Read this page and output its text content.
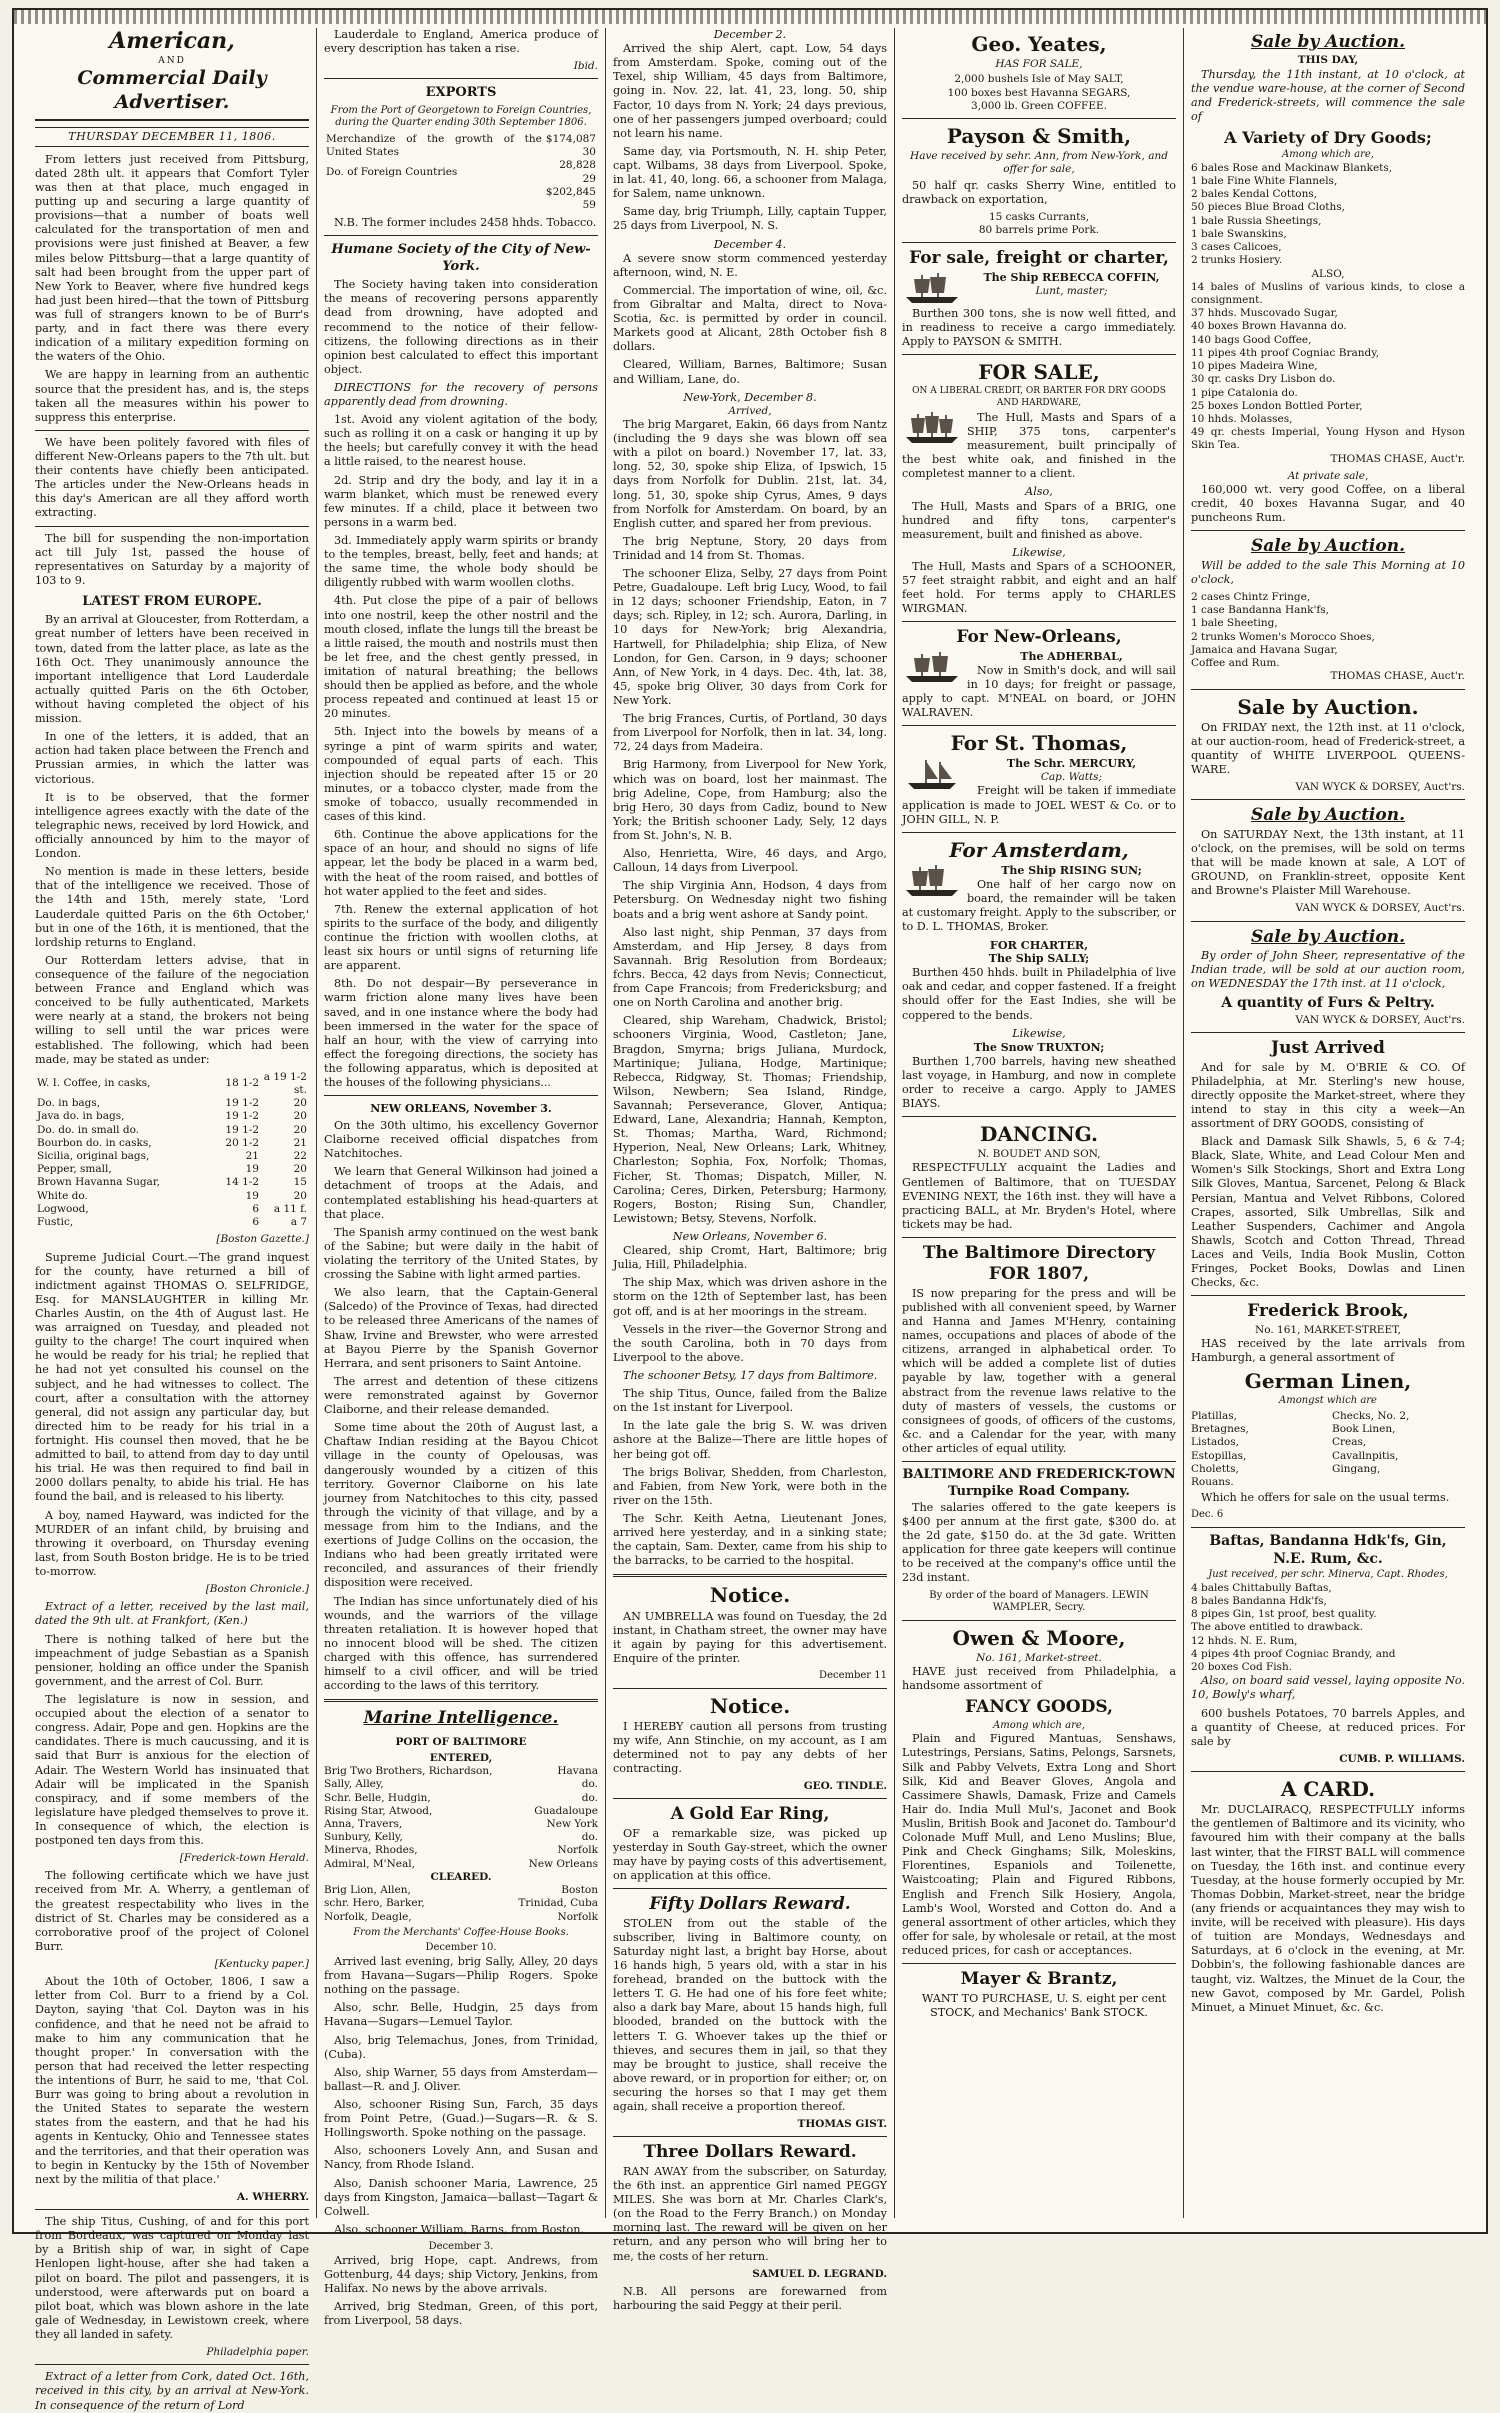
American,
AND
Commercial Daily Advertiser.
THURSDAY DECEMBER 11, 1806.

From letters just received from Pittsburg, dated 28th ult. it appears that Comfort Tyler was then at that place, much engaged in putting up and securing a large quantity of provisions—that a number of boats well calculated for the transportation of men and provisions were just finished at Beaver, a few miles below Pittsburg—that a large quantity of salt had been brought from the upper part of New York to Beaver, where five hundred kegs had just been hired—that the town of Pittsburg was full of strangers known to be of Burr's party, and in fact there was there every indication of a military expedition forming on the waters of the Ohio.

We are happy in learning from an authentic source that the president has, and is, the steps taken all the measures within his power to suppress this enterprise.

We have been politely favored with files of different New-Orleans papers to the 7th ult. but their contents have chiefly been anticipated. The articles under the New-Orleans heads in this day's American are all they afford worth extracting.

The bill for suspending the non-importation act till July 1st, passed the house of representatives on Saturday by a majority of 103 to 9.

LATEST FROM EUROPE.

By an arrival at Gloucester, from Rotterdam, a great number of letters have been received in town, dated from the latter place, as late as the 16th Oct. They unanimously announce the important intelligence that Lord Lauderdale actually quitted Paris on the 6th October, without having completed the object of his mission.

In one of the letters, it is added, that an action had taken place between the French and Prussian armies, in which the latter was victorious.

It is to be observed, that the former intelligence agrees exactly with the date of the telegraphic news, received by lord Howick, and officially announced by him to the mayor of London.

No mention is made in these letters, beside that of the intelligence we received. Those of the 14th and 15th, merely state, 'Lord Lauderdale quitted Paris on the 6th October,' but in one of the 16th, it is mentioned, that the lordship returns to England.

Our Rotterdam letters advise, that in consequence of the failure of the negociation between France and England which was conceived to be fully authenticated, Markets were nearly at a stand, the brokers not being willing to sell until the war prices were established. The following, which had been made, may be stated as under:

W. I. Coffee, in casks,	18 1-2	a 19 1-2 st.
Do. in bags,	19 1-2	20
Java do. in bags,	19 1-2	20
Do. do. in small do.	19 1-2	20
Bourbon do. in casks,	20 1-2	21
Sicilia, original bags,	21	22
Pepper, small,	19	20
Brown Havanna Sugar,	14 1-2	15
White do.	19	20
Logwood,	6	a 11 f.
Fustic,	6	a 7
[Boston Gazette.]

Supreme Judicial Court.—The grand inquest for the county, have returned a bill of indictment against THOMAS O. SELFRIDGE, Esq. for MANSLAUGHTER in killing Mr. Charles Austin, on the 4th of August last. He was arraigned on Tuesday, and pleaded not guilty to the charge! The court inquired when he would be ready for his trial; he replied that he had not yet consulted his counsel on the subject, and he had witnesses to collect. The court, after a consultation with the attorney general, did not assign any particular day, but directed him to be ready for his trial in a fortnight. His counsel then moved, that he be admitted to bail, to attend from day to day until his trial. He was then required to find bail in 2000 dollars penalty, to abide his trial. He has found the bail, and is released to his liberty.

A boy, named Hayward, was indicted for the MURDER of an infant child, by bruising and throwing it overboard, on Thursday evening last, from South Boston bridge. He is to be tried to-morrow.

[Boston Chronicle.]

Extract of a letter, received by the last mail, dated the 9th ult. at Frankfort, (Ken.)

There is nothing talked of here but the impeachment of judge Sebastian as a Spanish pensioner, holding an office under the Spanish government, and the arrest of Col. Burr.

The legislature is now in session, and occupied about the election of a senator to congress. Adair, Pope and gen. Hopkins are the candidates. There is much caucussing, and it is said that Burr is anxious for the election of Adair. The Western World has insinuated that Adair will be implicated in the Spanish conspiracy, and if some members of the legislature have pledged themselves to prove it. In consequence of which, the election is postponed ten days from this.

[Frederick-town Herald.

The following certificate which we have just received from Mr. A. Wherry, a gentleman of the greatest respectability who lives in the district of St. Charles may be considered as a corroborative proof of the project of Colonel Burr.

[Kentucky paper.]

About the 10th of October, 1806, I saw a letter from Col. Burr to a friend by a Col. Dayton, saying 'that Col. Dayton was in his confidence, and that he need not be afraid to make to him any communication that he thought proper.' In conversation with the person that had received the letter respecting the intentions of Burr, he said to me, 'that Col. Burr was going to bring about a revolution in the United States to separate the western states from the eastern, and that he had his agents in Kentucky, Ohio and Tennessee states and the territories, and that their operation was to begin in Kentucky by the 15th of November next by the militia of that place.'

A. WHERRY.

The ship Titus, Cushing, of and for this port from Bordeaux, was captured on Monday last by a British ship of war, in sight of Cape Henlopen light-house, after she had taken a pilot on board. The pilot and passengers, it is understood, were afterwards put on board a pilot boat, which was blown ashore in the late gale of Wednesday, in Lewistown creek, where they all landed in safety.

Philadelphia paper.

Extract of a letter from Cork, dated Oct. 16th, received in this city, by an arrival at New-York. In consequence of the return of Lord

Lauderdale to England, America produce of every description has taken a rise.

Ibid.
EXPORTS
From the Port of Georgetown to Foreign Countries, during the Quarter ending 30th September 1806.
Merchandize of the growth of the United States	$174,087 30
Do. of Foreign Countries	28,828 29
	$202,845 59

N.B. The former includes 2458 hhds. Tobacco.

Humane Society of the City of New-York.

The Society having taken into consideration the means of recovering persons apparently dead from drowning, have adopted and recommend to the notice of their fellow-citizens, the following directions as in their opinion best calculated to effect this important object.

DIRECTIONS for the recovery of persons apparently dead from drowning.

1st. Avoid any violent agitation of the body, such as rolling it on a cask or hanging it up by the heels; but carefully convey it with the head a little raised, to the nearest house.

2d. Strip and dry the body, and lay it in a warm blanket, which must be renewed every few minutes. If a child, place it between two persons in a warm bed.

3d. Immediately apply warm spirits or brandy to the temples, breast, belly, feet and hands; at the same time, the whole body should be diligently rubbed with warm woollen cloths.

4th. Put close the pipe of a pair of bellows into one nostril, keep the other nostril and the mouth closed, inflate the lungs till the breast be a little raised, the mouth and nostrils must then be let free, and the chest gently pressed, in imitation of natural breathing; the bellows should then be applied as before, and the whole process repeated and continued at least 15 or 20 minutes.

5th. Inject into the bowels by means of a syringe a pint of warm spirits and water, compounded of equal parts of each. This injection should be repeated after 15 or 20 minutes, or a tobacco clyster, made from the smoke of tobacco, usually recommended in cases of this kind.

6th. Continue the above applications for the space of an hour, and should no signs of life appear, let the body be placed in a warm bed, with the heat of the room raised, and bottles of hot water applied to the feet and sides.

7th. Renew the external application of hot spirits to the surface of the body, and diligently continue the friction with woollen cloths, at least six hours or until signs of returning life are apparent.

8th. Do not despair—By perseverance in warm friction alone many lives have been saved, and in one instance where the body had been immersed in the water for the space of half an hour, with the view of carrying into effect the foregoing directions, the society has the following apparatus, which is deposited at the houses of the following physicians...

NEW ORLEANS, November 3.

On the 30th ultimo, his excellency Governor Claiborne received official dispatches from Natchitoches.

We learn that General Wilkinson had joined a detachment of troops at the Adais, and contemplated establishing his head-quarters at that place.

The Spanish army continued on the west bank of the Sabine; but were daily in the habit of violating the territory of the United States, by crossing the Sabine with light armed parties.

We also learn, that the Captain-General (Salcedo) of the Province of Texas, had directed to be released three Americans of the names of Shaw, Irvine and Brewster, who were arrested at Bayou Pierre by the Spanish Governor Herrara, and sent prisoners to Saint Antoine.

The arrest and detention of these citizens were remonstrated against by Governor Claiborne, and their release demanded.

Some time about the 20th of August last, a Chaftaw Indian residing at the Bayou Chicot village in the county of Opelousas, was dangerously wounded by a citizen of this territory. Governor Claiborne on his late journey from Natchitoches to this city, passed through the vicinity of that village, and by a message from him to the Indians, and the exertions of Judge Collins on the occasion, the Indians who had been greatly irritated were reconciled, and assurances of their friendly disposition were received.

The Indian has since unfortunately died of his wounds, and the warriors of the village threaten retaliation. It is however hoped that no innocent blood will be shed. The citizen charged with this offence, has surrendered himself to a civil officer, and will be tried according to the laws of this territory.

Marine Intelligence.
PORT OF BALTIMORE
ENTERED,
Brig Two Brothers, Richardson,	Havana
Sally, Alley,	do.
Schr. Belle, Hudgin,	do.
Rising Star, Atwood,	Guadaloupe
Anna, Travers,	New York
Sunbury, Kelly,	do.
Minerva, Rhodes,	Norfolk
Admiral, M'Neal,	New Orleans
CLEARED.
Brig Lion, Allen,	Boston
schr. Hero, Barker,	Trinidad, Cuba
Norfolk, Deagle,	Norfolk
From the Merchants' Coffee-House Books.
December 10.

Arrived last evening, brig Sally, Alley, 20 days from Havana—Sugars—Philip Rogers. Spoke nothing on the passage.

Also, schr. Belle, Hudgin, 25 days from Havana—Sugars—Lemuel Taylor.

Also, brig Telemachus, Jones, from Trinidad, (Cuba).

Also, ship Warner, 55 days from Amsterdam—ballast—R. and J. Oliver.

Also, schooner Rising Sun, Farch, 35 days from Point Petre, (Guad.)—Sugars—R. & S. Hollingsworth. Spoke nothing on the passage.

Also, schooners Lovely Ann, and Susan and Nancy, from Rhode Island.

Also, Danish schooner Maria, Lawrence, 25 days from Kingston, Jamaica—ballast—Tagart & Colwell.

Also, schooner William, Barns, from Boston.

December 3.

Arrived, brig Hope, capt. Andrews, from Gottenburg, 44 days; ship Victory, Jenkins, from Halifax. No news by the above arrivals.

Arrived, brig Stedman, Green, of this port, from Liverpool, 58 days.

December 2.

Arrived the ship Alert, capt. Low, 54 days from Amsterdam. Spoke, coming out of the Texel, ship William, 45 days from Baltimore, going in. Nov. 22, lat. 41, 23, long. 50, ship Factor, 10 days from N. York; 24 days previous, one of her passengers jumped overboard; could not learn his name.

Same day, via Portsmouth, N. H. ship Peter, capt. Wilbams, 38 days from Liverpool. Spoke, in lat. 41, 40, long. 66, a schooner from Malaga, for Salem, name unknown.

Same day, brig Triumph, Lilly, captain Tupper, 25 days from Liverpool, N. S.

December 4.

A severe snow storm commenced yesterday afternoon, wind, N. E.

Commercial. The importation of wine, oil, &c. from Gibraltar and Malta, direct to Nova-Scotia, &c. is permitted by order in council. Markets good at Alicant, 28th October fish 8 dollars.

Cleared, William, Barnes, Baltimore; Susan and William, Lane, do.

New-York, December 8.
Arrived,

The brig Margaret, Eakin, 66 days from Nantz (including the 9 days she was blown off sea with a pilot on board.) November 17, lat. 33, long. 52, 30, spoke ship Eliza, of Ipswich, 15 days from Norfolk for Dublin. 21st, lat. 34, long. 51, 30, spoke ship Cyrus, Ames, 9 days from Norfolk for Amsterdam. On board, by an English cutter, and spared her from previous.

The brig Neptune, Story, 20 days from Trinidad and 14 from St. Thomas.

The schooner Eliza, Selby, 27 days from Point Petre, Guadaloupe. Left brig Lucy, Wood, to fail in 12 days; schooner Friendship, Eaton, in 7 days; sch. Ripley, in 12; sch. Aurora, Darling, in 10 days for New-York; brig Alexandria, Hartwell, for Philadelphia; ship Eliza, of New London, for Gen. Carson, in 9 days; schooner Ann, of New York, in 4 days. Dec. 4th, lat. 38, 45, spoke brig Oliver, 30 days from Cork for New York.

The brig Frances, Curtis, of Portland, 30 days from Liverpool for Norfolk, then in lat. 34, long. 72, 24 days from Madeira.

Brig Harmony, from Liverpool for New York, which was on board, lost her mainmast. The brig Adeline, Cope, from Hamburg; also the brig Hero, 30 days from Cadiz, bound to New York; the British schooner Lady, Sely, 12 days from St. John's, N. B.

Also, Henrietta, Wire, 46 days, and Argo, Calloun, 14 days from Liverpool.

The ship Virginia Ann, Hodson, 4 days from Petersburg. On Wednesday night two fishing boats and a brig went ashore at Sandy point.

Also last night, ship Penman, 37 days from Amsterdam, and Hip Jersey, 8 days from Savannah. Brig Resolution from Bordeaux; fchrs. Becca, 42 days from Nevis; Connecticut, from Cape Francois; from Fredericksburg; and one on North Carolina and another brig.

Cleared, ship Wareham, Chadwick, Bristol; schooners Virginia, Wood, Castleton; Jane, Bragdon, Smyrna; brigs Juliana, Murdock, Martinique; Juliana, Hodge, Martinique; Rebecca, Ridgway, St. Thomas; Friendship, Wilson, Newbern; Sea Island, Rindge, Savannah; Perseverance, Glover, Antiqua; Edward, Lane, Alexandria; Hannah, Kempton, St. Thomas; Martha, Ward, Richmond; Hyperion, Neal, New Orleans; Lark, Whitney, Charleston; Sophia, Fox, Norfolk; Thomas, Ficher, St. Thomas; Dispatch, Miller, N. Carolina; Ceres, Dirken, Petersburg; Harmony, Rogers, Boston; Rising Sun, Chandler, Lewistown; Betsy, Stevens, Norfolk.

New Orleans, November 6.

Cleared, ship Cromt, Hart, Baltimore; brig Julia, Hill, Philadelphia.

The ship Max, which was driven ashore in the storm on the 12th of September last, has been got off, and is at her moorings in the stream.

Vessels in the river—the Governor Strong and the south Carolina, both in 70 days from Liverpool to the above.

The schooner Betsy, 17 days from Baltimore.

The ship Titus, Ounce, failed from the Balize on the 1st instant for Liverpool.

In the late gale the brig S. W. was driven ashore at the Balize—There are little hopes of her being got off.

The brigs Bolivar, Shedden, from Charleston, and Fabien, from New York, were both in the river on the 15th.

The Schr. Keith Aetna, Lieutenant Jones, arrived here yesterday, and in a sinking state; the captain, Sam. Dexter, came from his ship to the barracks, to be carried to the hospital.

Notice.

AN UMBRELLA was found on Tuesday, the 2d instant, in Chatham street, the owner may have it again by paying for this advertisement. Enquire of the printer.

December 11
Notice.

I HEREBY caution all persons from trusting my wife, Ann Stinchie, on my account, as I am determined not to pay any debts of her contracting.

GEO. TINDLE.
A Gold Ear Ring,

OF a remarkable size, was picked up yesterday in South Gay-street, which the owner may have by paying costs of this advertisement, on application at this office.

Fifty Dollars Reward.

STOLEN from out the stable of the subscriber, living in Baltimore county, on Saturday night last, a bright bay Horse, about 16 hands high, 5 years old, with a star in his forehead, branded on the buttock with the letters T. G. He had one of his fore feet white; also a dark bay Mare, about 15 hands high, full blooded, branded on the buttock with the letters T. G. Whoever takes up the thief or thieves, and secures them in jail, so that they may be brought to justice, shall receive the above reward, or in proportion for either; or, on securing the horses so that I may get them again, shall receive a proportion thereof.

THOMAS GIST.
Three Dollars Reward.

RAN AWAY from the subscriber, on Saturday, the 6th inst. an apprentice Girl named PEGGY MILES. She was born at Mr. Charles Clark's, (on the Road to the Ferry Branch.) on Monday morning last. The reward will be given on her return, and any person who will bring her to me, the costs of her return.

SAMUEL D. LEGRAND.

N.B. All persons are forewarned from harbouring the said Peggy at their peril.

Geo. Yeates,
HAS FOR SALE,
2,000 bushels Isle of May SALT,
100 boxes best Havanna SEGARS,
3,000 lb. Green COFFEE.
Payson & Smith,
Have received by sehr. Ann, from New-York, and offer for sale,

50 half qr. casks Sherry Wine, entitled to drawback on exportation,

15 casks Currants,
80 barrels prime Pork.
For sale, freight or charter,
The Ship REBECCA COFFIN,
Lunt, master;

Burthen 300 tons, she is now well fitted, and in readiness to receive a cargo immediately. Apply to PAYSON & SMITH.

FOR SALE,
ON A LIBERAL CREDIT, OR BARTER FOR DRY GOODS AND HARDWARE,

The Hull, Masts and Spars of a SHIP, 375 tons, carpenter's measurement, built principally of the best white oak, and finished in the completest manner to a client.

Also,

The Hull, Masts and Spars of a BRIG, one hundred and fifty tons, carpenter's measurement, built and finished as above.

Likewise,

The Hull, Masts and Spars of a SCHOONER, 57 feet straight rabbit, and eight and an half feet hold. For terms apply to CHARLES WIRGMAN.

For New-Orleans,
The ADHERBAL,

Now in Smith's dock, and will sail in 10 days; for freight or passage, apply to capt. M'NEAL on board, or JOHN WALRAVEN.

For St. Thomas,
The Schr. MERCURY,
Cap. Watts;

Freight will be taken if immediate application is made to JOEL WEST & Co. or to JOHN GILL, N. P.

For Amsterdam,
The Ship RISING SUN;

One half of her cargo now on board, the remainder will be taken at customary freight. Apply to the subscriber, or to D. L. THOMAS, Broker.

FOR CHARTER,
The Ship SALLY;

Burthen 450 hhds. built in Philadelphia of live oak and cedar, and copper fastened. If a freight should offer for the East Indies, she will be coppered to the bends.

Likewise,
The Snow TRUXTON;

Burthen 1,700 barrels, having new sheathed last voyage, in Hamburg, and now in complete order to receive a cargo. Apply to JAMES BIAYS.

DANCING.
N. BOUDET AND SON,

RESPECTFULLY acquaint the Ladies and Gentlemen of Baltimore, that on TUESDAY EVENING NEXT, the 16th inst. they will have a practicing BALL, at Mr. Bryden's Hotel, where tickets may be had.

The Baltimore Directory FOR 1807,

IS now preparing for the press and will be published with all convenient speed, by Warner and Hanna and James M'Henry, containing names, occupations and places of abode of the citizens, arranged in alphabetical order. To which will be added a complete list of duties payable by law, together with a general abstract from the revenue laws relative to the duty of masters of vessels, the customs or consignees of goods, of officers of the customs, &c. and a Calendar for the year, with many other articles of equal utility.

BALTIMORE AND FREDERICK-TOWN Turnpike Road Company.

The salaries offered to the gate keepers is $400 per annum at the first gate, $300 do. at the 2d gate, $150 do. at the 3d gate. Written application for three gate keepers will continue to be received at the company's office until the 23d instant.

By order of the board of Managers. LEWIN WAMPLER, Secry.
Owen & Moore,
No. 161, Market-street.

HAVE just received from Philadelphia, a handsome assortment of

FANCY GOODS,
Among which are,

Plain and Figured Mantuas, Senshaws, Lutestrings, Persians, Satins, Pelongs, Sarsnets, Silk and Pabby Velvets, Extra Long and Short Silk, Kid and Beaver Gloves, Angola and Cassimere Shawls, Damask, Frize and Camels Hair do. India Mull Mul's, Jaconet and Book Muslin, British Book and Jaconet do. Tambour'd Colonade Muff Mull, and Leno Muslins; Blue, Pink and Check Ginghams; Silk, Moleskins, Florentines, Espaniols and Toilenette, Waistcoating; Plain and Figured Ribbons, English and French Silk Hosiery, Angola, Lamb's Wool, Worsted and Cotton do. And a general assortment of other articles, which they offer for sale, by wholesale or retail, at the most reduced prices, for cash or acceptances.

Mayer & Brantz,

WANT TO PURCHASE, U. S. eight per cent STOCK, and Mechanics' Bank STOCK.

Sale by Auction.
THIS DAY,

Thursday, the 11th instant, at 10 o'clock, at the vendue ware-house, at the corner of Second and Frederick-streets, will commence the sale of

A Variety of Dry Goods;
Among which are,
6 bales Rose and Mackinaw Blankets,
1 bale Fine White Flannels,
2 bales Kendal Cottons,
50 pieces Blue Broad Cloths,
1 bale Russia Sheetings,
1 bale Swanskins,
3 cases Calicoes,
2 trunks Hosiery.
ALSO,
14 bales of Muslins of various kinds, to close a consignment.
37 hhds. Muscovado Sugar,
40 boxes Brown Havanna do.
140 bags Good Coffee,
11 pipes 4th proof Cogniac Brandy,
10 pipes Madeira Wine,
30 qr. casks Dry Lisbon do.
1 pipe Catalonia do.
25 boxes London Bottled Porter,
10 hhds. Molasses,
49 qr. chests Imperial, Young Hyson and Hyson Skin Tea.
THOMAS CHASE, Auct'r.
At private sale,

160,000 wt. very good Coffee, on a liberal credit, 40 boxes Havanna Sugar, and 40 puncheons Rum.

Sale by Auction.

Will be added to the sale This Morning at 10 o'clock,

2 cases Chintz Fringe,
1 case Bandanna Hank'fs,
1 bale Sheeting,
2 trunks Women's Morocco Shoes,
Jamaica and Havana Sugar,
Coffee and Rum.
THOMAS CHASE, Auct'r.
Sale by Auction.

On FRIDAY next, the 12th inst. at 11 o'clock, at our auction-room, head of Frederick-street, a quantity of WHITE LIVERPOOL QUEENS-WARE.

VAN WYCK & DORSEY, Auct'rs.
Sale by Auction.

On SATURDAY Next, the 13th instant, at 11 o'clock, on the premises, will be sold on terms that will be made known at sale, A LOT of GROUND, on Franklin-street, opposite Kent and Browne's Plaister Mill Warehouse.

VAN WYCK & DORSEY, Auct'rs.
Sale by Auction.

By order of John Sheer, representative of the Indian trade, will be sold at our auction room, on WEDNESDAY the 17th inst. at 11 o'clock,

A quantity of Furs & Peltry.
VAN WYCK & DORSEY, Auct'rs.
Just Arrived

And for sale by M. O'BRIE & CO. Of Philadelphia, at Mr. Sterling's new house, directly opposite the Market-street, where they intend to stay in this city a week—An assortment of DRY GOODS, consisting of

Black and Damask Silk Shawls, 5, 6 & 7-4; Black, Slate, White, and Lead Colour Men and Women's Silk Stockings, Short and Extra Long Silk Gloves, Mantua, Sarcenet, Pelong & Black Persian, Mantua and Velvet Ribbons, Colored Crapes, assorted, Silk Umbrellas, Silk and Leather Suspenders, Cachimer and Angola Shawls, Scotch and Cotton Thread, Thread Laces and Veils, India Book Muslin, Cotton Fringes, Pocket Books, Dowlas and Linen Checks, &c.

Frederick Brook,
No. 161, MARKET-STREET,

HAS received by the late arrivals from Hamburgh, a general assortment of

German Linen,
Amongst which are
Platillas,
Bretagnes,
Listados,
Estopillas,
Choletts,
Rouans.
Checks, No. 2,
Book Linen,
Creas,
Cavallnpitis,
Gingang,

Which he offers for sale on the usual terms.

Dec. 6
Baftas, Bandanna Hdk'fs, Gin, N.E. Rum, &c.
Just received, per schr. Minerva, Capt. Rhodes,
4 bales Chittabully Baftas,
8 bales Bandanna Hdk'fs,
8 pipes Gin, 1st proof, best quality.
The above entitled to drawback.
12 hhds. N. E. Rum,
4 pipes 4th proof Cogniac Brandy, and
20 boxes Cod Fish.

Also, on board said vessel, laying opposite No. 10, Bowly's wharf,

600 bushels Potatoes, 70 barrels Apples, and a quantity of Cheese, at reduced prices. For sale by

CUMB. P. WILLIAMS.
A CARD.

Mr. DUCLAIRACQ, RESPECTFULLY informs the gentlemen of Baltimore and its vicinity, who favoured him with their company at the balls last winter, that the FIRST BALL will commence on Tuesday, the 16th inst. and continue every Tuesday, at the house formerly occupied by Mr. Thomas Dobbin, Market-street, near the bridge (any friends or acquaintances they may wish to invite, will be received with pleasure). His days of tuition are Mondays, Wednesdays and Saturdays, at 6 o'clock in the evening, at Mr. Dobbin's, the following fashionable dances are taught, viz. Waltzes, the Minuet de la Cour, the new Gavot, composed by Mr. Gardel, Polish Minuet, a Minuet Minuet, &c. &c.
